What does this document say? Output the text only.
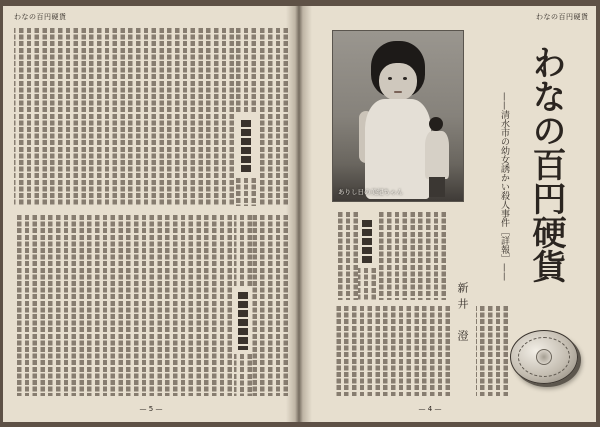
わなの百円硬貨
— 5 —
わなの百円硬貨
ありし日の美紀ちゃん	わなの百円硬貨
——清水市の幼女誘かい殺人事件［詳報］——
新井　澄
— 4 —
